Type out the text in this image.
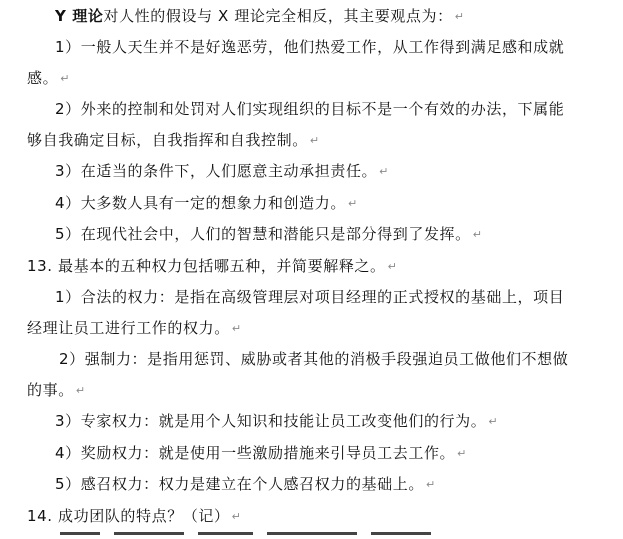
Y 理论对人性的假设与 X 理论完全相反，其主要观点为： ↵
1）一般人天生并不是好逸恶劳，他们热爱工作，从工作得到满足感和成就
感。 ↵
2）外来的控制和处罚对人们实现组织的目标不是一个有效的办法，下属能
够自我确定目标，自我指挥和自我控制。 ↵
3）在适当的条件下，人们愿意主动承担责任。 ↵
4）大多数人具有一定的想象力和创造力。 ↵
5）在现代社会中，人们的智慧和潜能只是部分得到了发挥。 ↵
13. 最基本的五种权力包括哪五种，并简要解释之。 ↵
1）合法的权力：是指在高级管理层对项目经理的正式授权的基础上，项目
经理让员工进行工作的权力。 ↵
2）强制力：是指用惩罚、威胁或者其他的消极手段强迫员工做他们不想做
的事。 ↵
3）专家权力：就是用个人知识和技能让员工改变他们的行为。 ↵
4）奖励权力：就是使用一些激励措施来引导员工去工作。 ↵
5）感召权力：权力是建立在个人感召权力的基础上。 ↵
14. 成功团队的特点？（记） ↵
